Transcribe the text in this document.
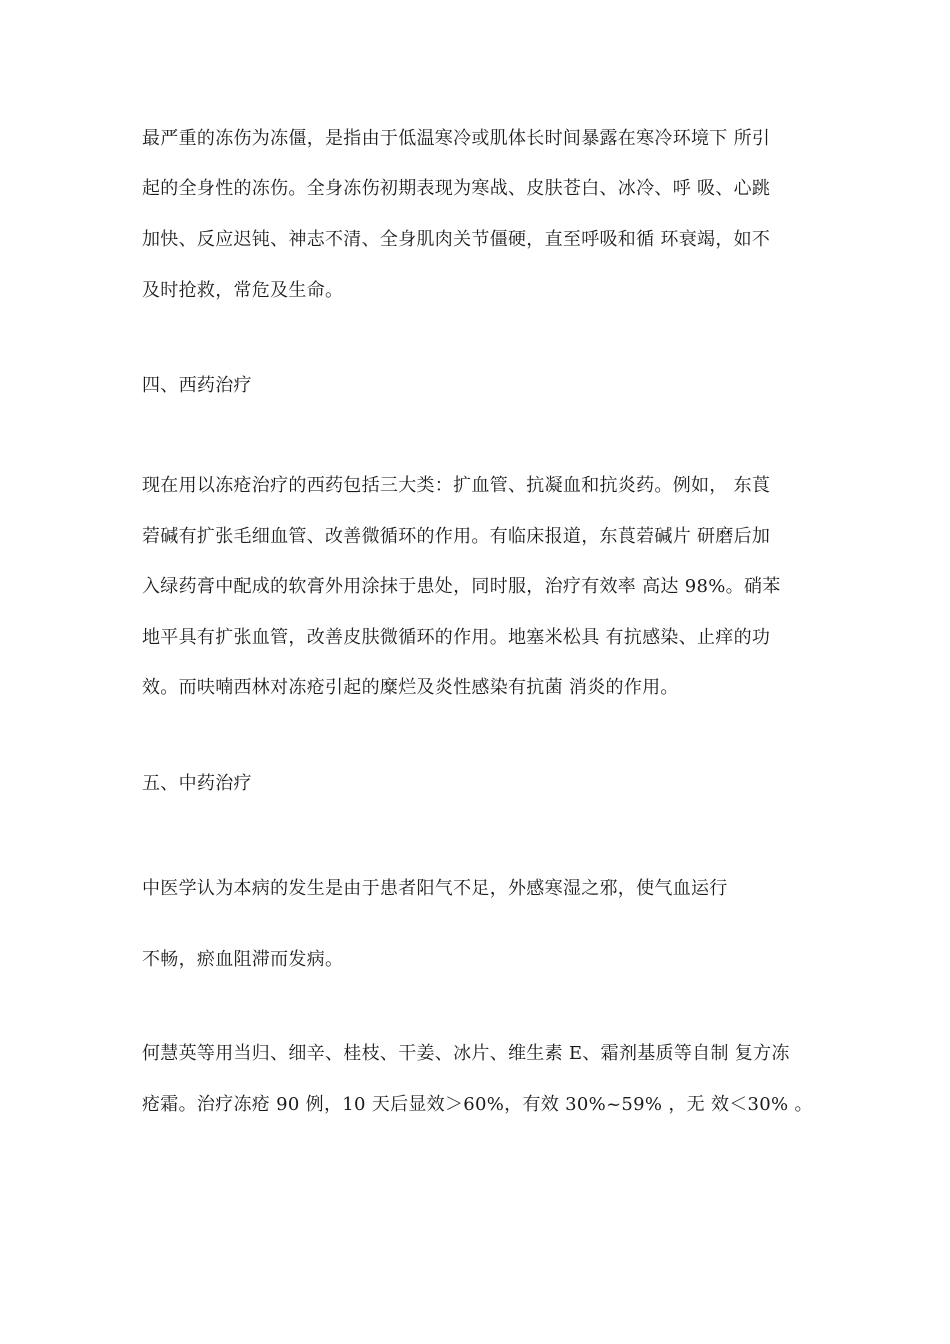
最严重的冻伤为冻僵，是指由于低温寒冷或肌体长时间暴露在寒冷环境下 所引
起的全身性的冻伤。全身冻伤初期表现为寒战、皮肤苍白、冰冷、呼 吸、心跳
加快、反应迟钝、神志不清、全身肌肉关节僵硬，直至呼吸和循 环衰竭，如不
及时抢救，常危及生命。
四、西药治疗
现在用以冻疮治疗的西药包括三大类：扩血管、抗凝血和抗炎药。例如， 东莨
菪碱有扩张毛细血管、改善微循环的作用。有临床报道，东莨菪碱片 研磨后加
入绿药膏中配成的软膏外用涂抹于患处，同时服，治疗有效率 高达 98%。硝苯
地平具有扩张血管，改善皮肤微循环的作用。地塞米松具 有抗感染、止痒的功
效。而呋喃西林对冻疮引起的糜烂及炎性感染有抗菌 消炎的作用。
五、中药治疗
中医学认为本病的发生是由于患者阳气不足，外感寒湿之邪，使气血运行
不畅，瘀血阻滞而发病。
何慧英等用当归、细辛、桂枝、干姜、冰片、维生素 E、霜剂基质等自制 复方冻
疮霜。治疗冻疮 90 例，10 天后显效＞60%，有效 30%~59% ，无 效＜30% 。
